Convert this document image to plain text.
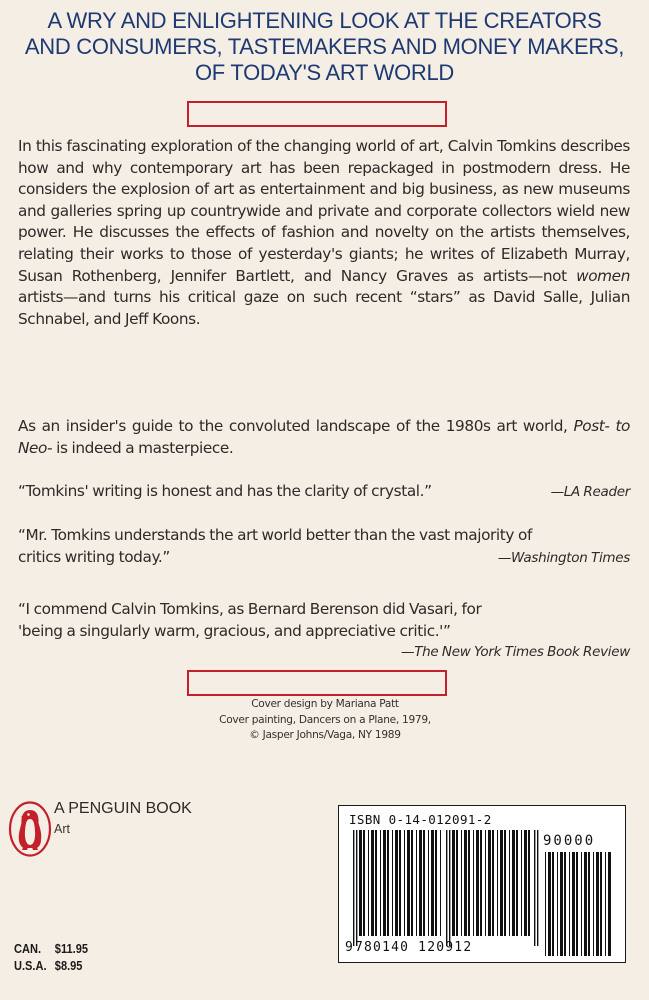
A WRY AND ENLIGHTENING LOOK AT THE CREATORS
AND CONSUMERS, TASTEMAKERS AND MONEY MAKERS,
OF TODAY'S ART WORLD

In this fascinating exploration of the changing world of art, Calvin Tomkins describes how and why contemporary art has been repackaged in postmodern dress. He considers the explosion of art as entertainment and big business, as new museums and galleries spring up countrywide and private and corporate collectors wield new power. He discusses the effects of fashion and novelty on the artists themselves, relating their works to those of yesterday's giants; he writes of Elizabeth Murray, Susan Rothenberg, Jennifer Bartlett, and Nancy Graves as artists—not women artists—and turns his critical gaze on such recent “stars” as David Salle, Julian Schnabel, and Jeff Koons.

As an insider's guide to the convoluted landscape of the 1980s art world, Post- to Neo- is indeed a masterpiece.

“Tomkins' writing is honest and has the clarity of crystal.”	—LA Reader
“Mr. Tomkins understands the art world better than the vast majority of
critics writing today.”	—Washington Times
“I commend Calvin Tomkins, as Bernard Berenson did Vasari, for
'being a singularly warm, gracious, and appreciative critic.'”
—The New York Times Book Review
Cover design by Mariana Patt
Cover painting, Dancers on a Plane, 1979,
© Jasper Johns/Vaga, NY 1989
A PENGUIN BOOK
Art
CAN.	$11.95
U.S.A. $8.95
ISBN 0-14-012091-2
9 780140 120912
90000
